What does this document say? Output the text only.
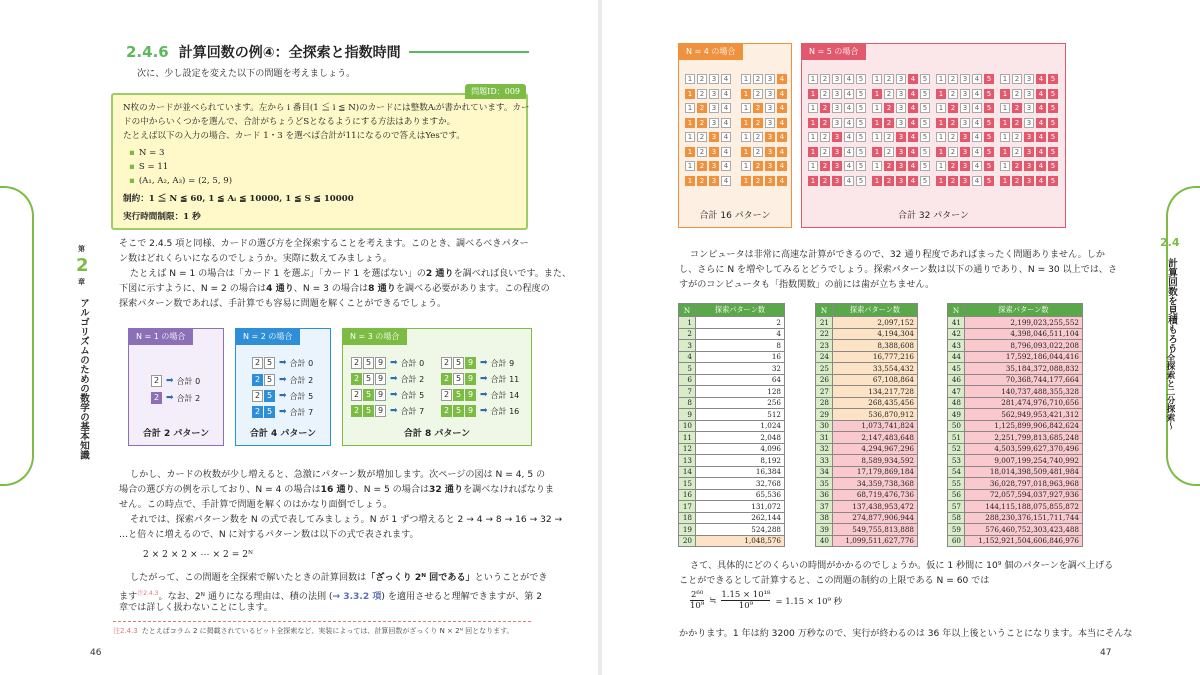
第
2
章
アルゴリズムのための数学の基本知識
2.4.6 計算回数の例④：全探索と指数時間
次に、少し設定を変えた以下の問題を考えましょう。
問題ID：009
N枚のカードが並べられています。左から i 番目(1 ≦ i ≦ N)のカードには整数Aᵢが書かれています。カー
ドの中からいくつかを選んで、合計がちょうどSとなるようにする方法はありますか。
たとえば以下の入力の場合、カード 1・3 を選べば合計が11になるので答えはYesです。
▪ N = 3
▪ S = 11
▪ (A₁, A₂, A₃) = (2, 5, 9)
制約：1 ≦ N ≦ 60, 1 ≦ Aᵢ ≦ 10000, 1 ≦ S ≦ 10000
実行時間制限：1 秒
そこで 2.4.5 項と同様、カードの選び方を全探索することを考えます。このとき、調べるべきパター
ン数はどれくらいになるのでしょうか。実際に数えてみましょう。
たとえば N = 1 の場合は「カード 1 を選ぶ」「カード 1 を選ばない」の2 通りを調べれば良いです。また、
下図に示すように、N = 2 の場合は4 通り、N = 3 の場合は8 通りを調べる必要があります。この程度の
探索パターン数であれば、手計算でも容易に問題を解くことができるでしょう。
N = 1 の場合
2 ➡ 合計 0
2 ➡ 合計 2
合計 2 パターン
N = 2 の場合
2 5 ➡ 合計 0
2 5 ➡ 合計 2
2 5 ➡ 合計 5
2 5 ➡ 合計 7
合計 4 パターン
N = 3 の場合
2 5 9 ➡ 合計 0
2 5 9 ➡ 合計 2
2 5 9 ➡ 合計 5
2 5 9 ➡ 合計 7
2 5 9 ➡ 合計 9
2 5 9 ➡ 合計 11
2 5 9 ➡ 合計 14
2 5 9 ➡ 合計 16
合計 8 パターン
しかし、カードの枚数が少し増えると、急激にパターン数が増加します。次ページの図は N = 4, 5 の
場合の選び方の例を示しており、N = 4 の場合は16 通り、N = 5 の場合は32 通りを調べなければなりま
せん。この時点で、手計算で問題を解くのはかなり面倒でしょう。
それでは、探索パターン数を N の式で表してみましょう。N が 1 ずつ増えると 2 → 4 → 8 → 16 → 32 →
…と倍々に増えるので、N に対するパターン数は以下の式で表されます。
2 × 2 × 2 × ⋯ × 2 = 2ᴺ
したがって、この問題を全探索で解いたときの計算回数は「ざっくり 2ᴺ 回である」ということができ
ます$^{注2.4.3}$。なお、2ᴺ 通りになる理由は、積の法則 (→ 3.3.2 項) を適用させると理解できますが、第 2
章では詳しく扱わないことにします。
注2.4.3 たとえばコラム 2 に掲載されているビット全探索など、実装によっては、計算回数がざっくり N × 2ᴺ 回となります。
46
2.4
計算回数を見積もろう
〜全探索と二分探索〜
N = 4 の場合
1	2	3	4
1	2	3	4
1	2	3	4
1	2	3	4
1	2	3	4
1	2	3	4
1	2	3	4
1	2	3	4
1	2	3	4
1	2	3	4
1	2	3	4
1	2	3	4
1	2	3	4
1	2	3	4
1	2	3	4
1	2	3	4
合計 16 パターン
N = 5 の場合
1	2	3	4	5
1	2	3	4	5
1	2	3	4	5
1	2	3	4	5
1	2	3	4	5
1	2	3	4	5
1	2	3	4	5
1	2	3	4	5
1	2	3	4	5
1	2	3	4	5
1	2	3	4	5
1	2	3	4	5
1	2	3	4	5
1	2	3	4	5
1	2	3	4	5
1	2	3	4	5
1	2	3	4	5
1	2	3	4	5
1	2	3	4	5
1	2	3	4	5
1	2	3	4	5
1	2	3	4	5
1	2	3	4	5
1	2	3	4	5
1	2	3	4	5
1	2	3	4	5
1	2	3	4	5
1	2	3	4	5
1	2	3	4	5
1	2	3	4	5
1	2	3	4	5
1	2	3	4	5
合計 32 パターン
コンピュータは非常に高速な計算ができるので、32 通り程度であればまったく問題ありません。しか
し、さらに N を増やしてみるとどうでしょう。探索パターン数は以下の通りであり、N = 30 以上では、さ
すがのコンピュータも「指数関数」の前には歯が立ちません。
N	探索パターン数
1	2
2	4
3	8
4	16
5	32
6	64
7	128
8	256
9	512
10	1,024
11	2,048
12	4,096
13	8,192
14	16,384
15	32,768
16	65,536
17	131,072
18	262,144
19	524,288
20	1,048,576
N	探索パターン数
21	2,097,152
22	4,194,304
23	8,388,608
24	16,777,216
25	33,554,432
26	67,108,864
27	134,217,728
28	268,435,456
29	536,870,912
30	1,073,741,824
31	2,147,483,648
32	4,294,967,296
33	8,589,934,592
34	17,179,869,184
35	34,359,738,368
36	68,719,476,736
37	137,438,953,472
38	274,877,906,944
39	549,755,813,888
40	1,099,511,627,776
N	探索パターン数
41	2,199,023,255,552
42	4,398,046,511,104
43	8,796,093,022,208
44	17,592,186,044,416
45	35,184,372,088,832
46	70,368,744,177,664
47	140,737,488,355,328
48	281,474,976,710,656
49	562,949,953,421,312
50	1,125,899,906,842,624
51	2,251,799,813,685,248
52	4,503,599,627,370,496
53	9,007,199,254,740,992
54	18,014,398,509,481,984
55	36,028,797,018,963,968
56	72,057,594,037,927,936
57	144,115,188,075,855,872
58	288,230,376,151,711,744
59	576,460,752,303,423,488
60	1,152,921,504,606,846,976
さて、具体的にどのくらいの時間がかかるのでしょうか。仮に 1 秒間に 10⁹ 個のパターンを調べ上げる
ことができるとして計算すると、この問題の制約の上限である N = 60 では
$\frac{\text{2⁶⁰}}{\text{10⁹}}$ ≒ $\frac{\text{1.15 × 10¹⁸}}{\text{10⁹}} = 1.15 \times 10^9$ 秒
かかります。1 年は約 3200 万秒なので、実行が終わるのは 36 年以上後ということになります。本当にそんな
47
